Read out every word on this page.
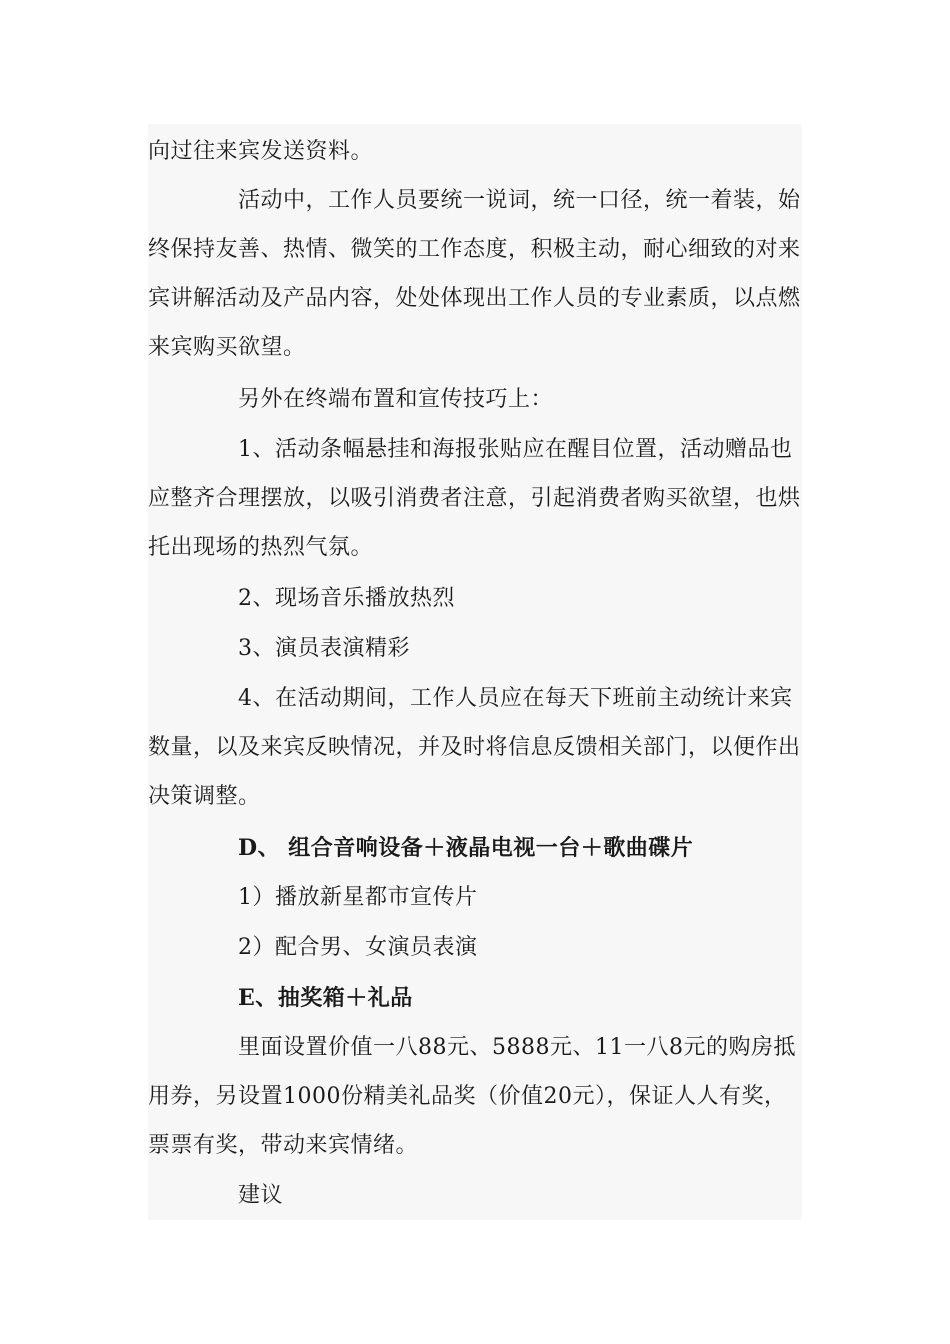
向过往来宾发送资料。
活动中，工作人员要统一说词，统一口径，统一着装，始
终保持友善、热情、微笑的工作态度，积极主动，耐心细致的对来
宾讲解活动及产品内容，处处体现出工作人员的专业素质，以点燃
来宾购买欲望。
另外在终端布置和宣传技巧上：
1、活动条幅悬挂和海报张贴应在醒目位置，活动赠品也
应整齐合理摆放，以吸引消费者注意，引起消费者购买欲望，也烘
托出现场的热烈气氛。
2、现场音乐播放热烈
3、演员表演精彩
4、在活动期间，工作人员应在每天下班前主动统计来宾
数量，以及来宾反映情况，并及时将信息反馈相关部门，以便作出
决策调整。
D、 组合音响设备＋液晶电视一台＋歌曲碟片
1）播放新星都市宣传片
2）配合男、女演员表演
E、抽奖箱＋礼品
里面设置价值一八88元、5888元、11一八8元的购房抵
用券，另设置1000份精美礼品奖（价值20元），保证人人有奖，
票票有奖，带动来宾情绪。
建议
